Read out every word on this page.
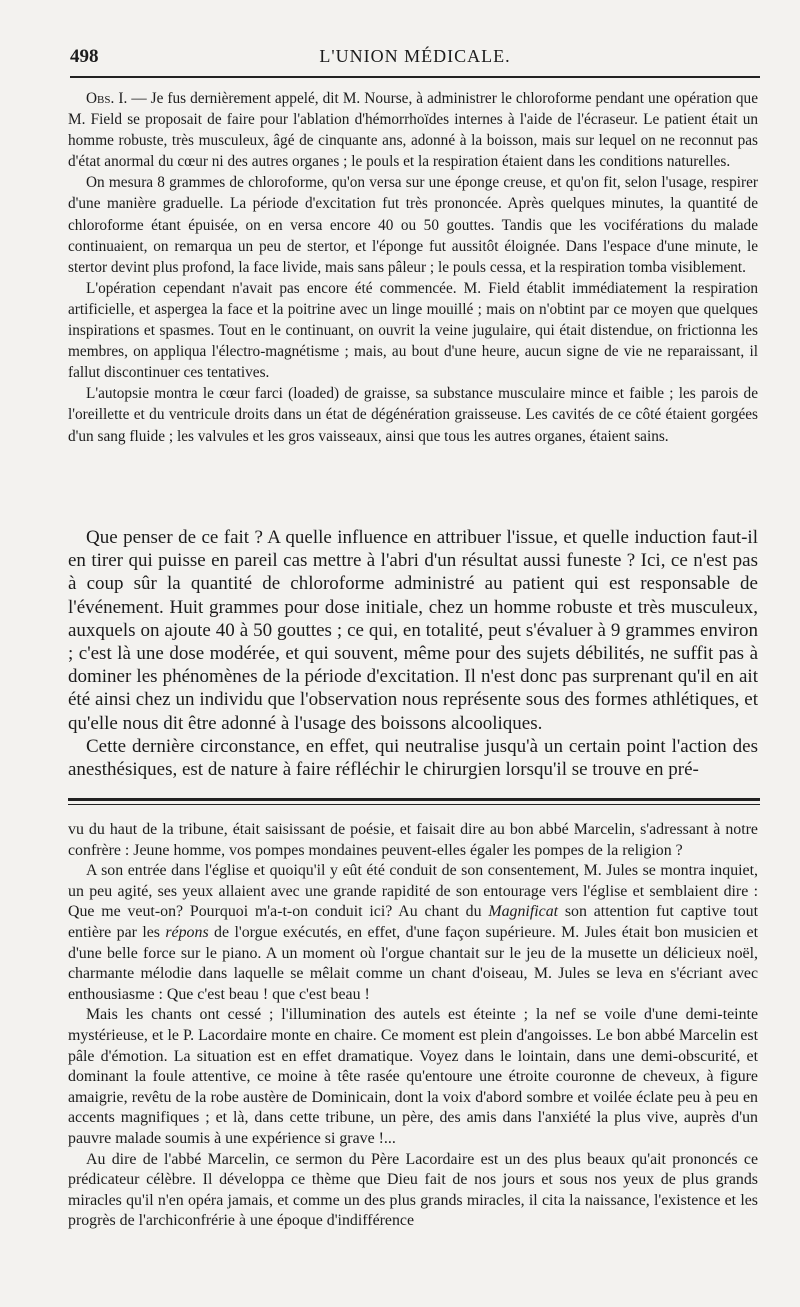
498	L'UNION MÉDICALE.

Obs. I. — Je fus dernièrement appelé, dit M. Nourse, à administrer le chloroforme pendant une opération que M. Field se proposait de faire pour l'ablation d'hémorrhoïdes internes à l'aide de l'écraseur. Le patient était un homme robuste, très musculeux, âgé de cinquante ans, adonné à la boisson, mais sur lequel on ne reconnut pas d'état anormal du cœur ni des autres organes ; le pouls et la respiration étaient dans les conditions naturelles.

On mesura 8 grammes de chloroforme, qu'on versa sur une éponge creuse, et qu'on fit, selon l'usage, respirer d'une manière graduelle. La période d'excitation fut très prononcée. Après quelques minutes, la quantité de chloroforme étant épuisée, on en versa encore 40 ou 50 gouttes. Tandis que les vociférations du malade continuaient, on remarqua un peu de stertor, et l'éponge fut aussitôt éloignée. Dans l'espace d'une minute, le stertor devint plus profond, la face livide, mais sans pâleur ; le pouls cessa, et la respiration tomba visiblement.

L'opération cependant n'avait pas encore été commencée. M. Field établit immédiatement la respiration artificielle, et aspergea la face et la poitrine avec un linge mouillé ; mais on n'obtint par ce moyen que quelques inspirations et spasmes. Tout en le continuant, on ouvrit la veine jugulaire, qui était distendue, on frictionna les membres, on appliqua l'électro-magnétisme ; mais, au bout d'une heure, aucun signe de vie ne reparaissant, il fallut discontinuer ces tentatives.

L'autopsie montra le cœur farci (loaded) de graisse, sa substance musculaire mince et faible ; les parois de l'oreillette et du ventricule droits dans un état de dégénération graisseuse. Les cavités de ce côté étaient gorgées d'un sang fluide ; les valvules et les gros vaisseaux, ainsi que tous les autres organes, étaient sains.

Que penser de ce fait ? A quelle influence en attribuer l'issue, et quelle induction faut-il en tirer qui puisse en pareil cas mettre à l'abri d'un résultat aussi funeste ? Ici, ce n'est pas à coup sûr la quantité de chloroforme administré au patient qui est responsable de l'événement. Huit grammes pour dose initiale, chez un homme robuste et très musculeux, auxquels on ajoute 40 à 50 gouttes ; ce qui, en totalité, peut s'évaluer à 9 grammes environ ; c'est là une dose modérée, et qui souvent, même pour des sujets débilités, ne suffit pas à dominer les phénomènes de la période d'excitation. Il n'est donc pas surprenant qu'il en ait été ainsi chez un individu que l'observation nous représente sous des formes athlétiques, et qu'elle nous dit être adonné à l'usage des boissons alcooliques.

Cette dernière circonstance, en effet, qui neutralise jusqu'à un certain point l'action des anesthésiques, est de nature à faire réfléchir le chirurgien lorsqu'il se trouve en pré-

vu du haut de la tribune, était saisissant de poésie, et faisait dire au bon abbé Marcelin, s'adressant à notre confrère : Jeune homme, vos pompes mondaines peuvent-elles égaler les pompes de la religion ?

A son entrée dans l'église et quoiqu'il y eût été conduit de son consentement, M. Jules se montra inquiet, un peu agité, ses yeux allaient avec une grande rapidité de son entourage vers l'église et semblaient dire : Que me veut-on? Pourquoi m'a-t-on conduit ici? Au chant du Magnificat son attention fut captive tout entière par les répons de l'orgue exécutés, en effet, d'une façon supérieure. M. Jules était bon musicien et d'une belle force sur le piano. A un moment où l'orgue chantait sur le jeu de la musette un délicieux noël, charmante mélodie dans laquelle se mêlait comme un chant d'oiseau, M. Jules se leva en s'écriant avec enthousiasme : Que c'est beau ! que c'est beau !

Mais les chants ont cessé ; l'illumination des autels est éteinte ; la nef se voile d'une demi-teinte mystérieuse, et le P. Lacordaire monte en chaire. Ce moment est plein d'angoisses. Le bon abbé Marcelin est pâle d'émotion. La situation est en effet dramatique. Voyez dans le lointain, dans une demi-obscurité, et dominant la foule attentive, ce moine à tête rasée qu'entoure une étroite couronne de cheveux, à figure amaigrie, revêtu de la robe austère de Dominicain, dont la voix d'abord sombre et voilée éclate peu à peu en accents magnifiques ; et là, dans cette tribune, un père, des amis dans l'anxiété la plus vive, auprès d'un pauvre malade soumis à une expérience si grave !...

Au dire de l'abbé Marcelin, ce sermon du Père Lacordaire est un des plus beaux qu'ait prononcés ce prédicateur célèbre. Il développa ce thème que Dieu fait de nos jours et sous nos yeux de plus grands miracles qu'il n'en opéra jamais, et comme un des plus grands miracles, il cita la naissance, l'existence et les progrès de l'archiconfrérie à une époque d'indifférence
